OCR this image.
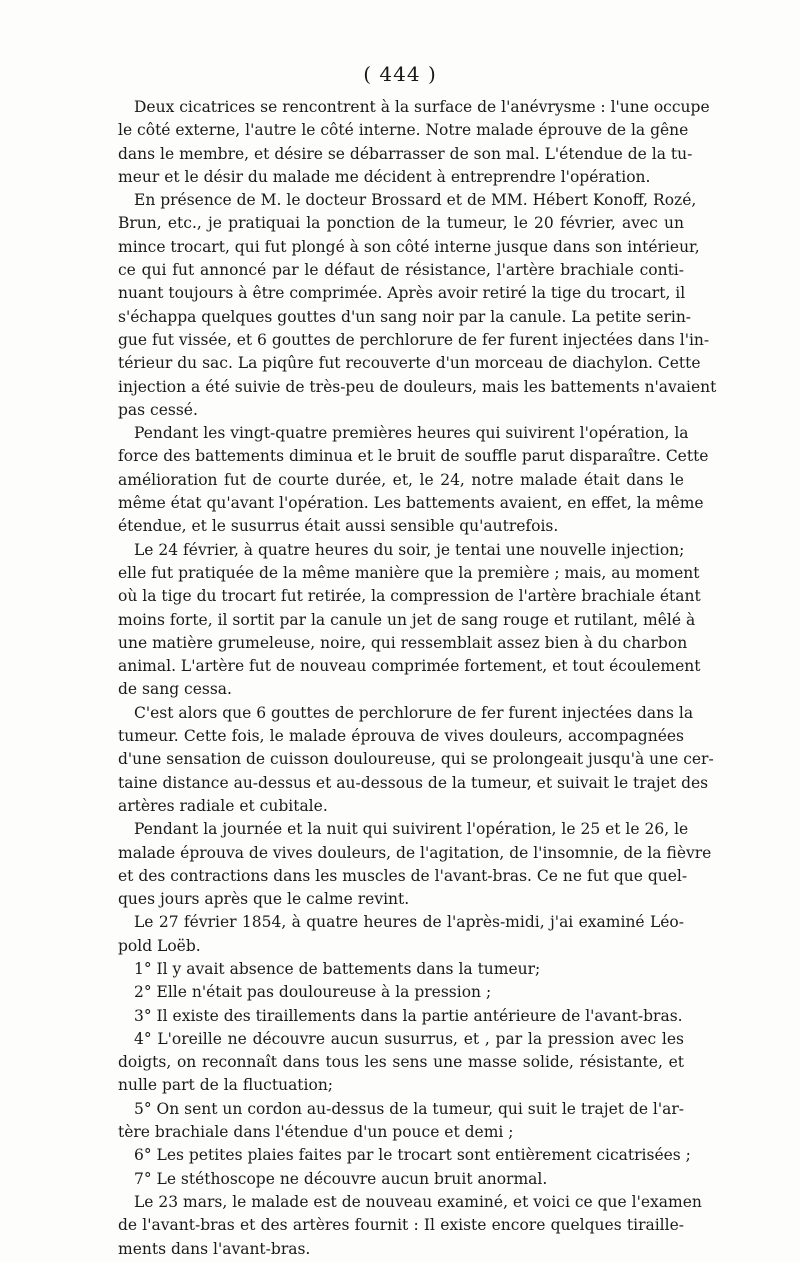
( 444 )
Deux cicatrices se rencontrent à la surface de l'anévrysme : l'une occupe
le côté externe, l'autre le côté interne. Notre malade éprouve de la gêne
dans le membre, et désire se débarrasser de son mal. L'étendue de la tu-
meur et le désir du malade me décident à entreprendre l'opération.
En présence de M. le docteur Brossard et de MM. Hébert Konoff, Rozé,
Brun, etc., je pratiquai la ponction de la tumeur, le 20 février, avec un
mince trocart, qui fut plongé à son côté interne jusque dans son intérieur,
ce qui fut annoncé par le défaut de résistance, l'artère brachiale conti-
nuant toujours à être comprimée. Après avoir retiré la tige du trocart, il
s'échappa quelques gouttes d'un sang noir par la canule. La petite serin-
gue fut vissée, et 6 gouttes de perchlorure de fer furent injectées dans l'in-
térieur du sac. La piqûre fut recouverte d'un morceau de diachylon. Cette
injection a été suivie de très-peu de douleurs, mais les battements n'avaient
pas cessé.
Pendant les vingt-quatre premières heures qui suivirent l'opération, la
force des battements diminua et le bruit de souffle parut disparaître. Cette
amélioration fut de courte durée, et, le 24, notre malade était dans le
même état qu'avant l'opération. Les battements avaient, en effet, la même
étendue, et le susurrus était aussi sensible qu'autrefois.
Le 24 février, à quatre heures du soir, je tentai une nouvelle injection;
elle fut pratiquée de la même manière que la première ; mais, au moment
où la tige du trocart fut retirée, la compression de l'artère brachiale étant
moins forte, il sortit par la canule un jet de sang rouge et rutilant, mêlé à
une matière grumeleuse, noire, qui ressemblait assez bien à du charbon
animal. L'artère fut de nouveau comprimée fortement, et tout écoulement
de sang cessa.
C'est alors que 6 gouttes de perchlorure de fer furent injectées dans la
tumeur. Cette fois, le malade éprouva de vives douleurs, accompagnées
d'une sensation de cuisson douloureuse, qui se prolongeait jusqu'à une cer-
taine distance au-dessus et au-dessous de la tumeur, et suivait le trajet des
artères radiale et cubitale.
Pendant la journée et la nuit qui suivirent l'opération, le 25 et le 26, le
malade éprouva de vives douleurs, de l'agitation, de l'insomnie, de la fièvre
et des contractions dans les muscles de l'avant-bras. Ce ne fut que quel-
ques jours après que le calme revint.
Le 27 février 1854, à quatre heures de l'après-midi, j'ai examiné Léo-
pold Loëb.
1° Il y avait absence de battements dans la tumeur;
2° Elle n'était pas douloureuse à la pression ;
3° Il existe des tiraillements dans la partie antérieure de l'avant-bras.
4° L'oreille ne découvre aucun susurrus, et , par la pression avec les
doigts, on reconnaît dans tous les sens une masse solide, résistante, et
nulle part de la fluctuation;
5° On sent un cordon au-dessus de la tumeur, qui suit le trajet de l'ar-
tère brachiale dans l'étendue d'un pouce et demi ;
6° Les petites plaies faites par le trocart sont entièrement cicatrisées ;
7° Le stéthoscope ne découvre aucun bruit anormal.
Le 23 mars, le malade est de nouveau examiné, et voici ce que l'examen
de l'avant-bras et des artères fournit : Il existe encore quelques tiraille-
ments dans l'avant-bras.
